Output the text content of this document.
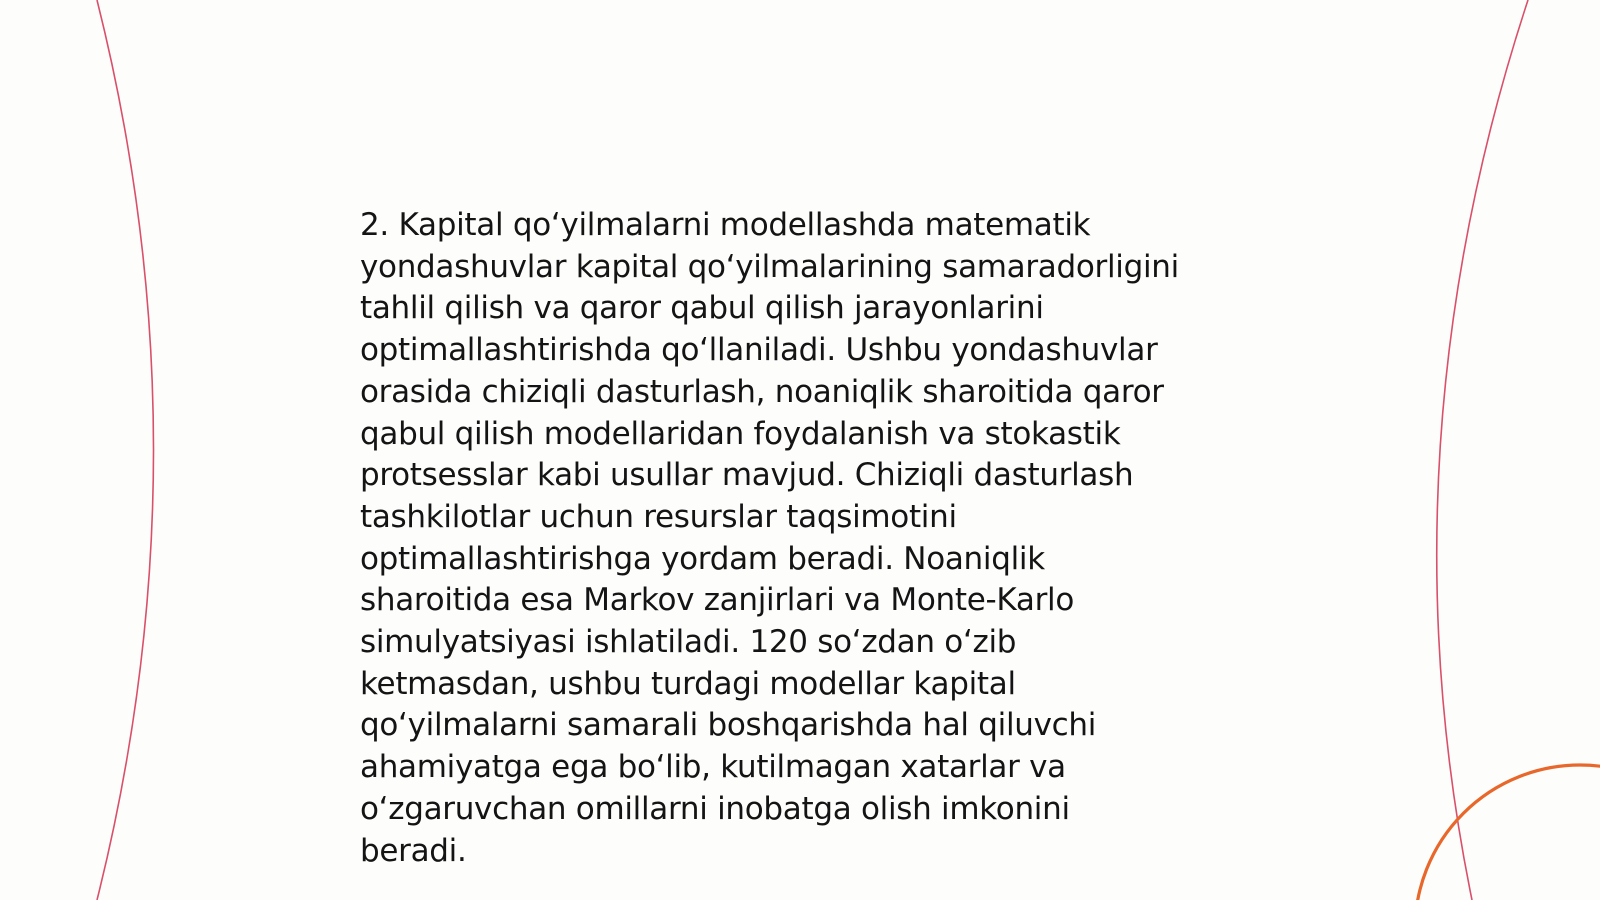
2. Kapital qo‘yilmalarni modellashda matematik
yondashuvlar kapital qo‘yilmalarining samaradorligini
tahlil qilish va qaror qabul qilish jarayonlarini
optimallashtirishda qo‘llaniladi. Ushbu yondashuvlar
orasida chiziqli dasturlash, noaniqlik sharoitida qaror
qabul qilish modellaridan foydalanish va stokastik
protsesslar kabi usullar mavjud. Chiziqli dasturlash
tashkilotlar uchun resurslar taqsimotini
optimallashtirishga yordam beradi. Noaniqlik
sharoitida esa Markov zanjirlari va Monte-Karlo
simulyatsiyasi ishlatiladi. 120 so‘zdan o‘zib
ketmasdan, ushbu turdagi modellar kapital
qo‘yilmalarni samarali boshqarishda hal qiluvchi
ahamiyatga ega bo‘lib, kutilmagan xatarlar va
o‘zgaruvchan omillarni inobatga olish imkonini
beradi.
